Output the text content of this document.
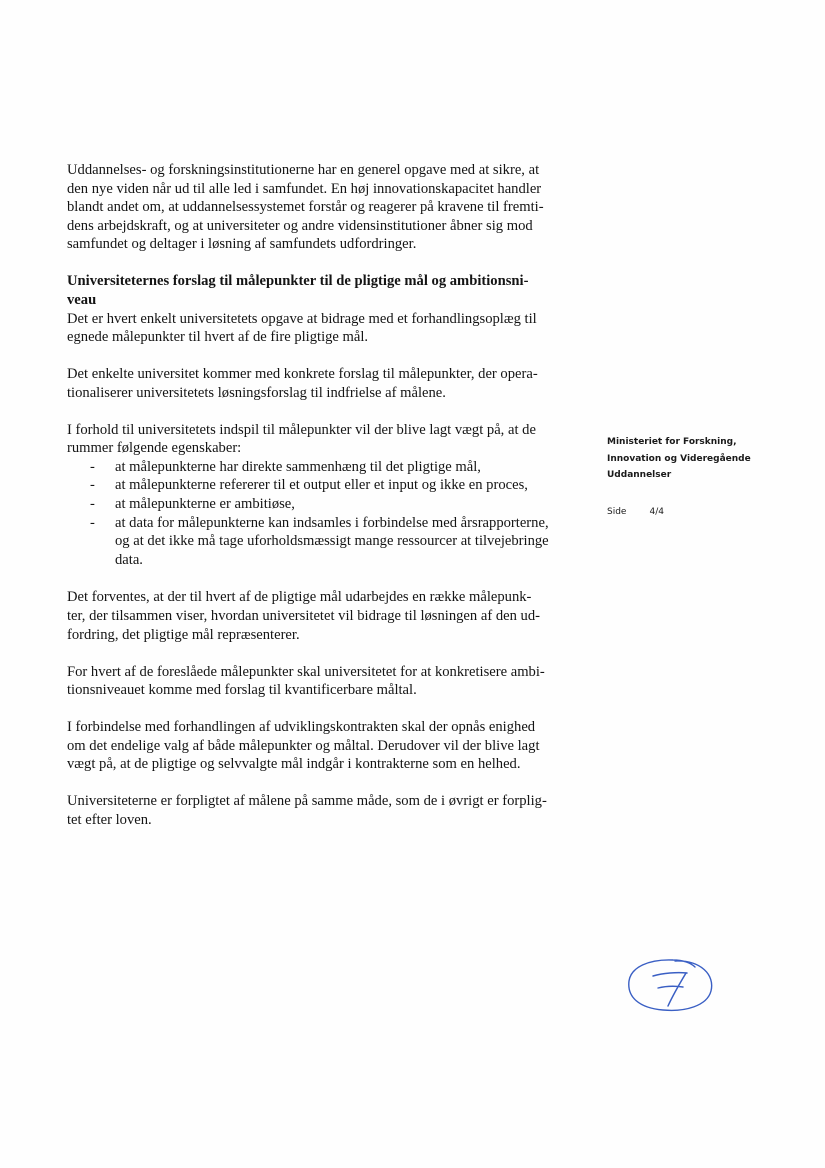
Uddannelses- og forskningsinstitutionerne har en generel opgave med at sikre, at
den nye viden når ud til alle led i samfundet. En høj innovationskapacitet handler
blandt andet om, at uddannelsessystemet forstår og reagerer på kravene til fremti-
dens arbejdskraft, og at universiteter og andre vidensinstitutioner åbner sig mod
samfundet og deltager i løsning af samfundets udfordringer.

Universiteternes forslag til målepunkter til de pligtige mål og ambitionsni-
veau

Det er hvert enkelt universitetets opgave at bidrage med et forhandlingsoplæg til
egnede målepunkter til hvert af de fire pligtige mål.

Det enkelte universitet kommer med konkrete forslag til målepunkter, der opera-
tionaliserer universitetets løsningsforslag til indfrielse af målene.

I forhold til universitetets indspil til målepunkter vil der blive lagt vægt på, at de
rummer følgende egenskaber:

- at målepunkterne har direkte sammenhæng til det pligtige mål,
- at målepunkterne refererer til et output eller et input og ikke en proces,
- at målepunkterne er ambitiøse,
- at data for målepunkterne kan indsamles i forbindelse med årsrapporterne,
og at det ikke må tage uforholdsmæssigt mange ressourcer at tilvejebringe
data.

Det forventes, at der til hvert af de pligtige mål udarbejdes en række målepunk-
ter, der tilsammen viser, hvordan universitetet vil bidrage til løsningen af den ud-
fordring, det pligtige mål repræsenterer.

For hvert af de foreslåede målepunkter skal universitetet for at konkretisere ambi-
tionsniveauet komme med forslag til kvantificerbare måltal.

I forbindelse med forhandlingen af udviklingskontrakten skal der opnås enighed
om det endelige valg af både målepunkter og måltal. Derudover vil der blive lagt
vægt på, at de pligtige og selvvalgte mål indgår i kontrakterne som en helhed.

Universiteterne er forpligtet af målene på samme måde, som de i øvrigt er forplig-
tet efter loven.

Ministeriet for Forskning,
Innovation og Videregående
Uddannelser
Side	4/4
7
